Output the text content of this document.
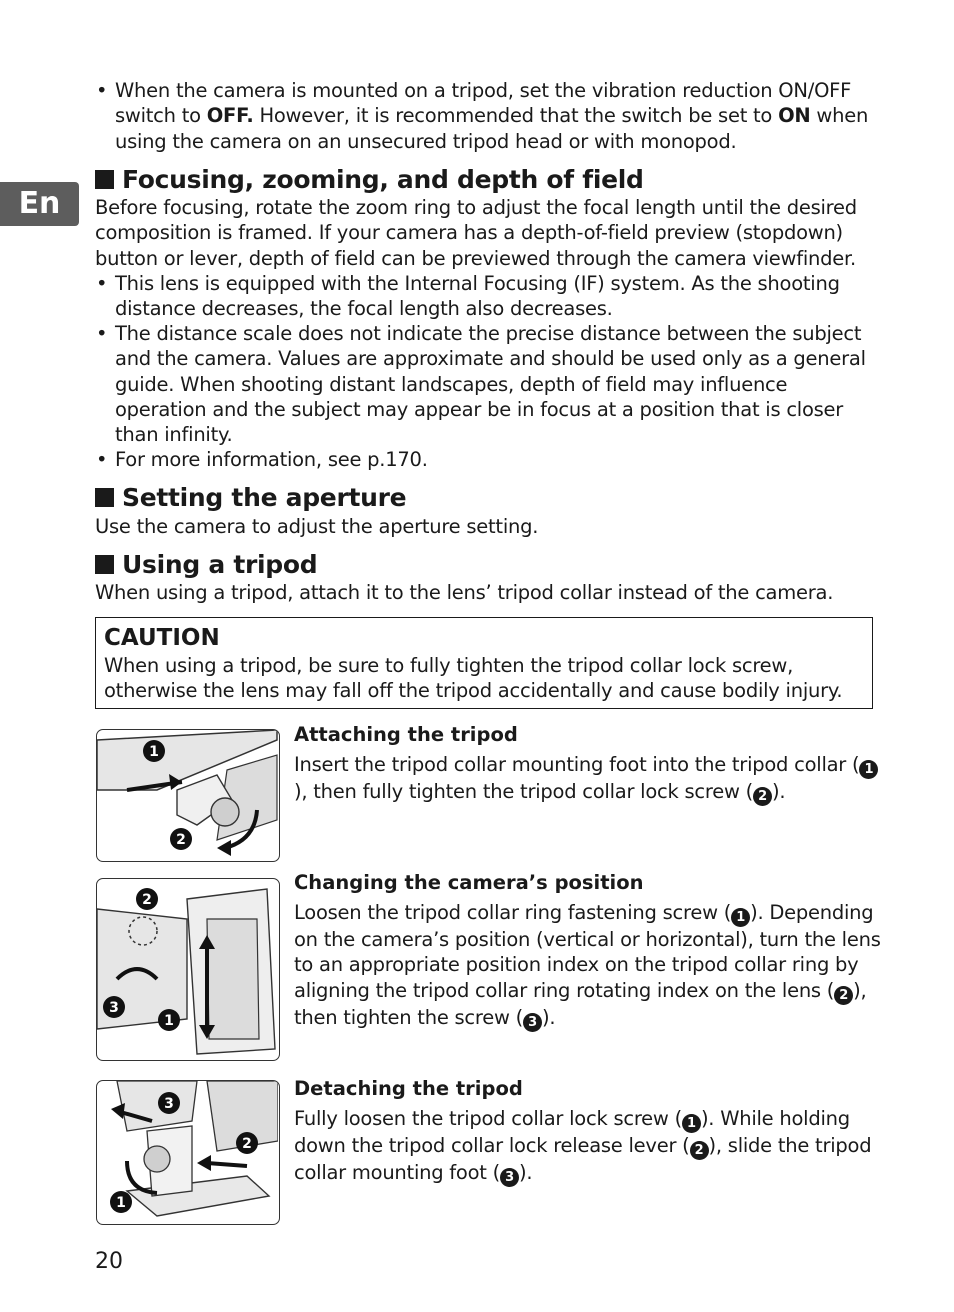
En
• When the camera is mounted on a tripod, set the vibration reduction ON/OFF switch to OFF. However, it is recommended that the switch be set to ON when using the camera on an unsecured tripod head or with monopod.
Focusing, zooming, and depth of field
Before focusing, rotate the zoom ring to adjust the focal length until the desired composition is framed. If your camera has a depth-of-field preview (stopdown) button or lever, depth of field can be previewed through the camera viewfinder.
• This lens is equipped with the Internal Focusing (IF) system. As the shooting distance decreases, the focal length also decreases.
• The distance scale does not indicate the precise distance between the subject and the camera. Values are approximate and should be used only as a general guide. When shooting distant landscapes, depth of field may influence operation and the subject may appear be in focus at a position that is closer than infinity.
• For more information, see p.170.
Setting the aperture
Use the camera to adjust the aperture setting.
Using a tripod
When using a tripod, attach it to the lens’ tripod collar instead of the camera.
CAUTION
When using a tripod, be sure to fully tighten the tripod collar lock screw, otherwise the lens may fall off the tripod accidentally and cause bodily injury.
1
2
Attaching the tripod
Insert the tripod collar mounting foot into the tripod collar ( 1), then fully tighten the tripod collar lock screw ( 2 ).
2
3
1
Changing the camera’s position
Loosen the tripod collar ring fastening screw ( 1 ). Depending on the camera’s position (vertical or horizontal), turn the lens to an appropriate position index on the tripod collar ring by aligning the tripod collar ring rotating index on the lens ( 2 ), then tighten the screw ( 3 ).
3
2
1
Detaching the tripod
Fully loosen the tripod collar lock screw ( 1 ). While holding down the tripod collar lock release lever ( 2 ), slide the tripod collar mounting foot ( 3 ).
20
